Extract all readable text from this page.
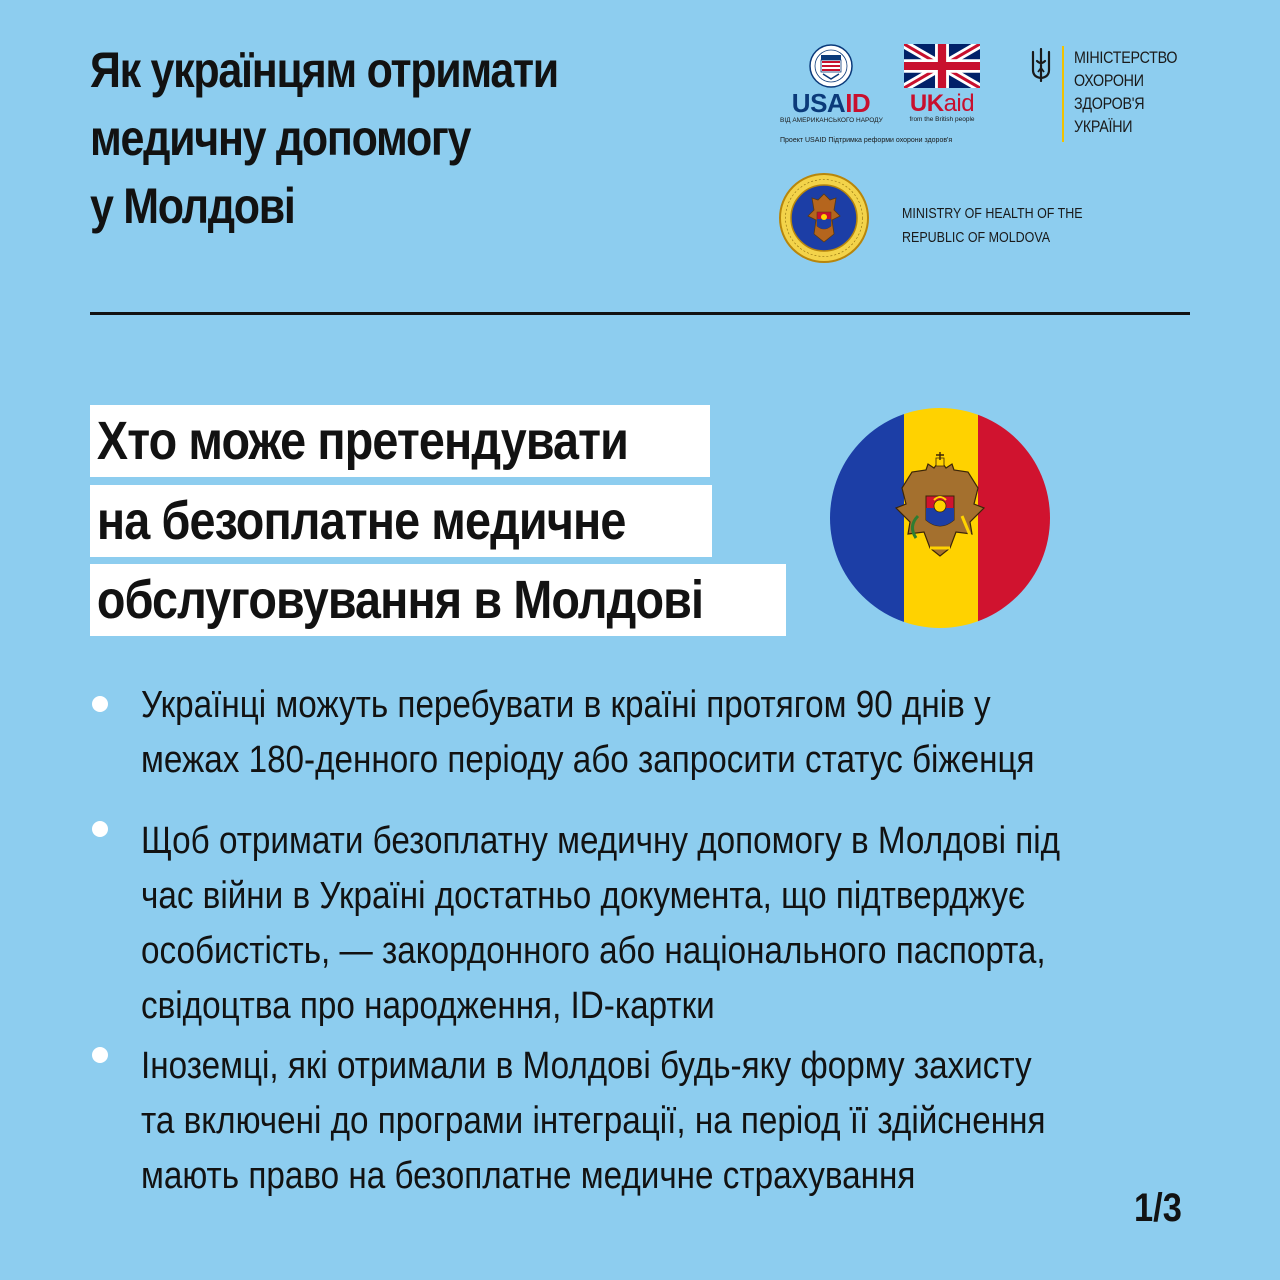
Як українцям отримати
медичну допомогу
у Молдові
USAID
ВІД АМЕРИКАНСЬКОГО НАРОДУ
UKaid
from the British people
Проект USAID Підтримка реформи охорони здоров'я
МІНІСТЕРСТВО
ОХОРОНИ
ЗДОРОВ'Я
УКРАЇНИ
MINISTRY OF HEALTH OF THE
REPUBLIC OF MOLDOVA
Хто може претендувати
на безоплатне медичне
обслуговування в Молдові
Українці можуть перебувати в країні протягом 90 днів у
межах 180-денного періоду або запросити статус біженця
Щоб отримати безоплатну медичну допомогу в Молдові під
час війни в Україні достатньо документа, що підтверджує
особистість, — закордонного або національного паспорта,
свідоцтва про народження, ID-картки
Іноземці, які отримали в Молдові будь-яку форму захисту
та включені до програми інтеграції, на період її здійснення
мають право на безоплатне медичне страхування
1/3
